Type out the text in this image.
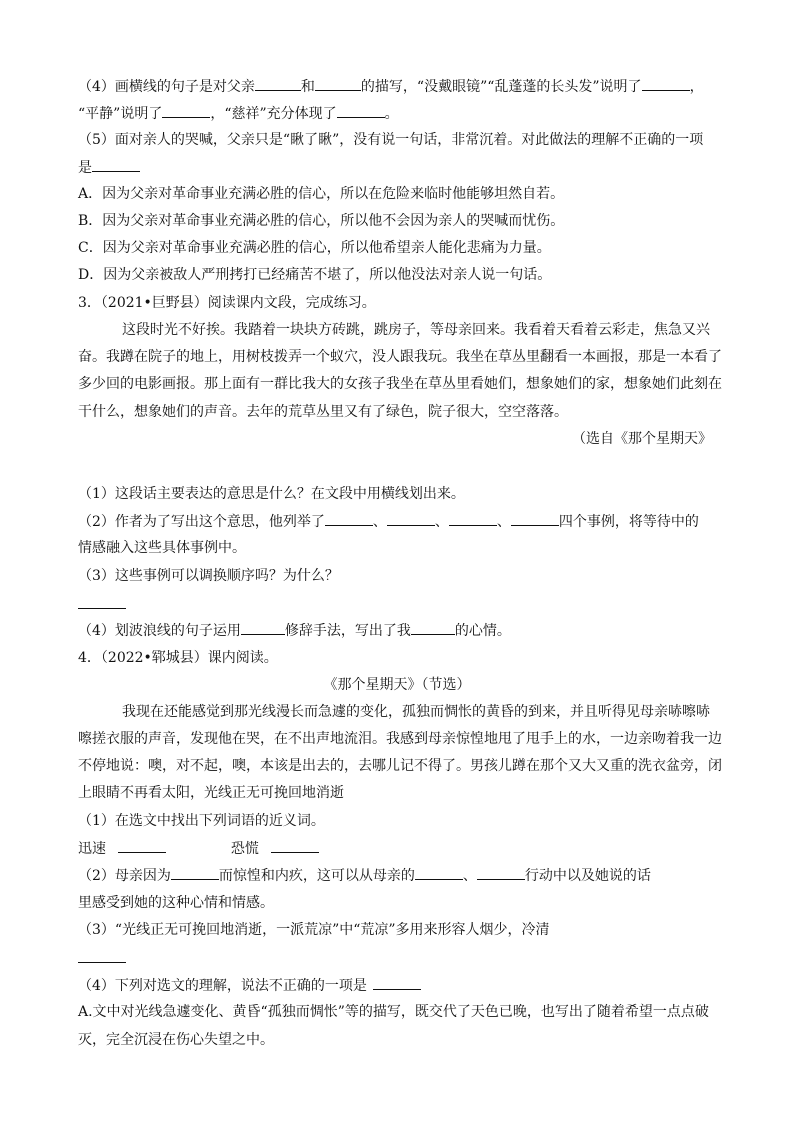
（4）画横线的句子是对父亲	和	的描写，“没戴眼镜”“乱蓬蓬的长头发”说明了	，
“平静”说明了	，“慈祥”充分体现了	。
（5）面对亲人的哭喊，父亲只是“瞅了瞅”，没有说一句话，非常沉着。对此做法的理解不正确的一项
是
A．因为父亲对革命事业充满必胜的信心，所以在危险来临时他能够坦然自若。
B．因为父亲对革命事业充满必胜的信心，所以他不会因为亲人的哭喊而忧伤。
C．因为父亲对革命事业充满必胜的信心，所以他希望亲人能化悲痛为力量。
D．因为父亲被敌人严刑拷打已经痛苦不堪了，所以他没法对亲人说一句话。
3．（2021•巨野县）阅读课内文段，完成练习。
这段时光不好挨。我踏着一块块方砖跳，跳房子，等母亲回来。我看着天看着云彩走，焦急又兴
奋。我蹲在院子的地上，用树枝拨弄一个蚁穴，没人跟我玩。我坐在草丛里翻看一本画报，那是一本看了
多少回的电影画报。那上面有一群比我大的女孩子我坐在草丛里看她们，想象她们的家，想象她们此刻在
干什么，想象她们的声音。去年的荒草丛里又有了绿色，院子很大，空空落落。
（选自《那个星期天》
（1）这段话主要表达的意思是什么？在文段中用横线划出来。
（2）作者为了写出这个意思，他列举了	、	、	、	四个事例，将等待中的
情感融入这些具体事例中。
（3）这些事例可以调换顺序吗？为什么？
（4）划波浪线的句子运用	修辞手法，写出了我	的心情。
4．（2022•郓城县）课内阅读。
《那个星期天》（节选）
我现在还能感觉到那光线漫长而急遽的变化，孤独而惆怅的黄昏的到来，并且听得见母亲哧嚓哧
嚓搓衣服的声音，发现他在哭，在不出声地流泪。我感到母亲惊惶地甩了甩手上的水，一边亲吻着我一边
不停地说：噢，对不起，噢，本该是出去的，去哪儿记不得了。男孩儿蹲在那个又大又重的洗衣盆旁，闭
上眼睛不再看太阳，光线正无可挽回地消逝
（1）在选文中找出下列词语的近义词。
迅速	恐慌
（2）母亲因为	而惊惶和内疚，这可以从母亲的	、	行动中以及她说的话
里感受到她的这种心情和情感。
（3）“光线正无可挽回地消逝，一派荒凉”中“荒凉”多用来形容人烟少，冷清
（4）下列对选文的理解，说法不正确的一项是
A.文中对光线急遽变化、黄昏“孤独而惆怅”等的描写，既交代了天色已晚，也写出了随着希望一点点破
灭，完全沉浸在伤心失望之中。
